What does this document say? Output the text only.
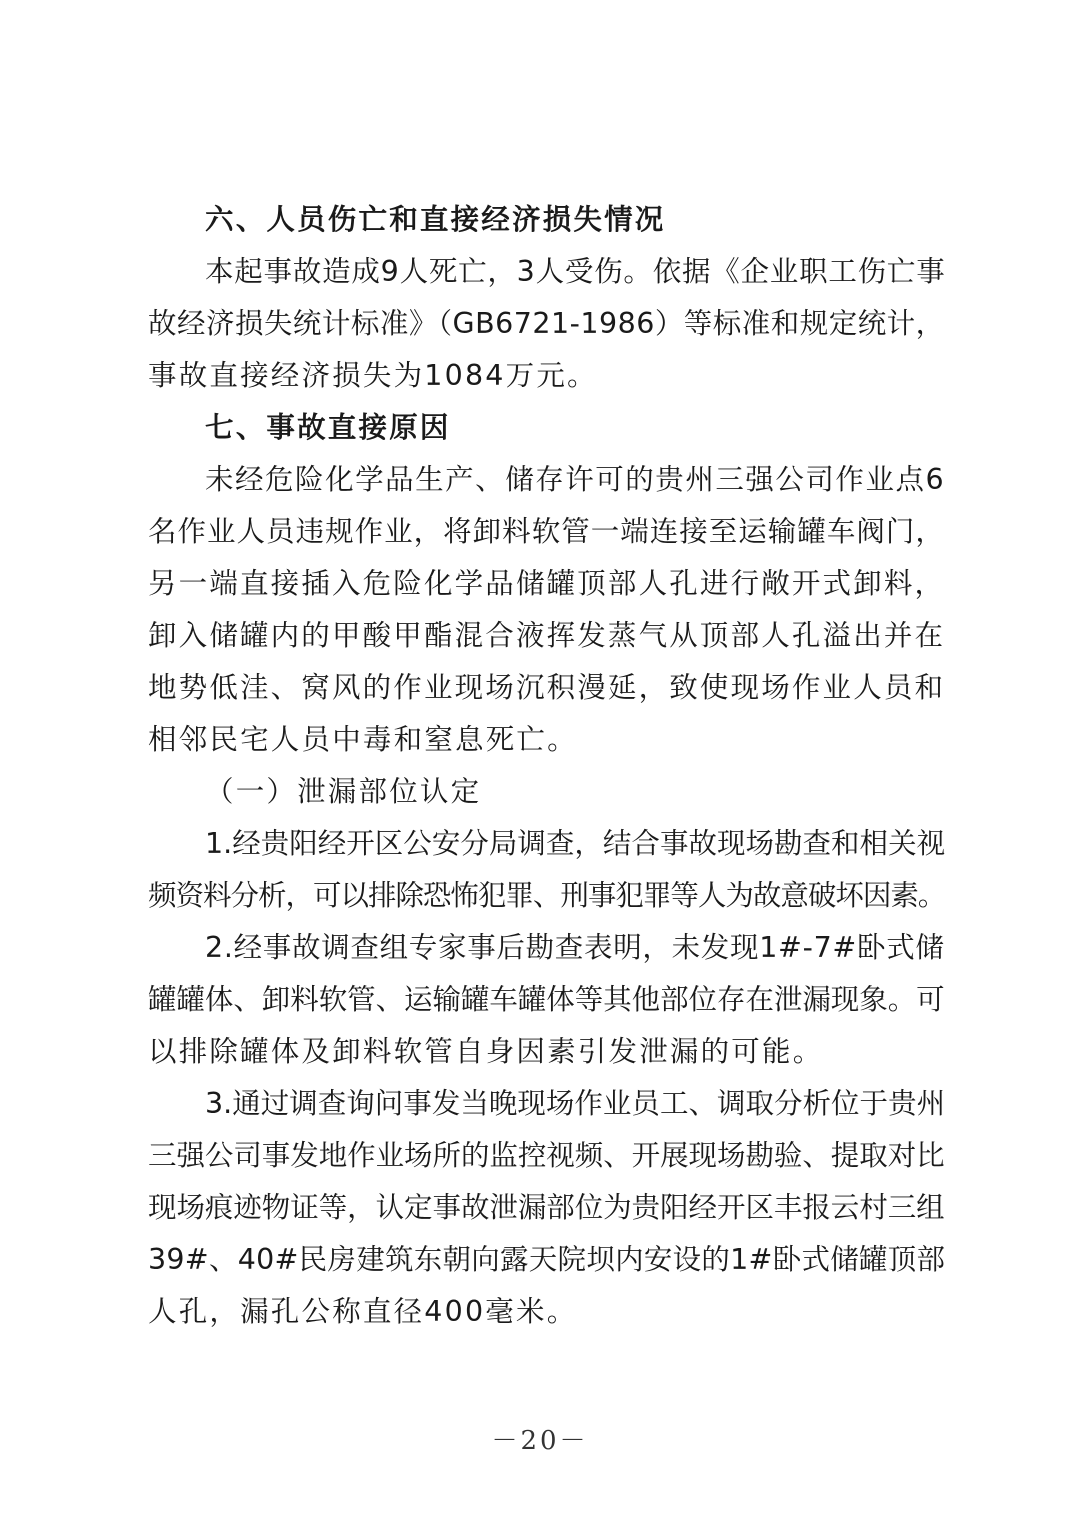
六、人员伤亡和直接经济损失情况
本起事故造成9人死亡，3人受伤。依据《企业职工伤亡事
故经济损失统计标准》（GB6721-1986）等标准和规定统计，
事故直接经济损失为1084万元。
七、事故直接原因
未经危险化学品生产、储存许可的贵州三强公司作业点6
名作业人员违规作业，将卸料软管一端连接至运输罐车阀门，
另一端直接插入危险化学品储罐顶部人孔进行敞开式卸料，
卸入储罐内的甲酸甲酯混合液挥发蒸气从顶部人孔溢出并在
地势低洼、窝风的作业现场沉积漫延，致使现场作业人员和
相邻民宅人员中毒和窒息死亡。
（一）泄漏部位认定
1.经贵阳经开区公安分局调查，结合事故现场勘查和相关视
频资料分析，可以排除恐怖犯罪、刑事犯罪等人为故意破坏因素。
2.经事故调查组专家事后勘查表明，未发现1#-7#卧式储
罐罐体、卸料软管、运输罐车罐体等其他部位存在泄漏现象。可
以排除罐体及卸料软管自身因素引发泄漏的可能。
3.通过调查询问事发当晚现场作业员工、调取分析位于贵州
三强公司事发地作业场所的监控视频、开展现场勘验、提取对比
现场痕迹物证等，认定事故泄漏部位为贵阳经开区丰报云村三组
39#、40#民房建筑东朝向露天院坝内安设的1#卧式储罐顶部
人孔，漏孔公称直径400毫米。
－20－
